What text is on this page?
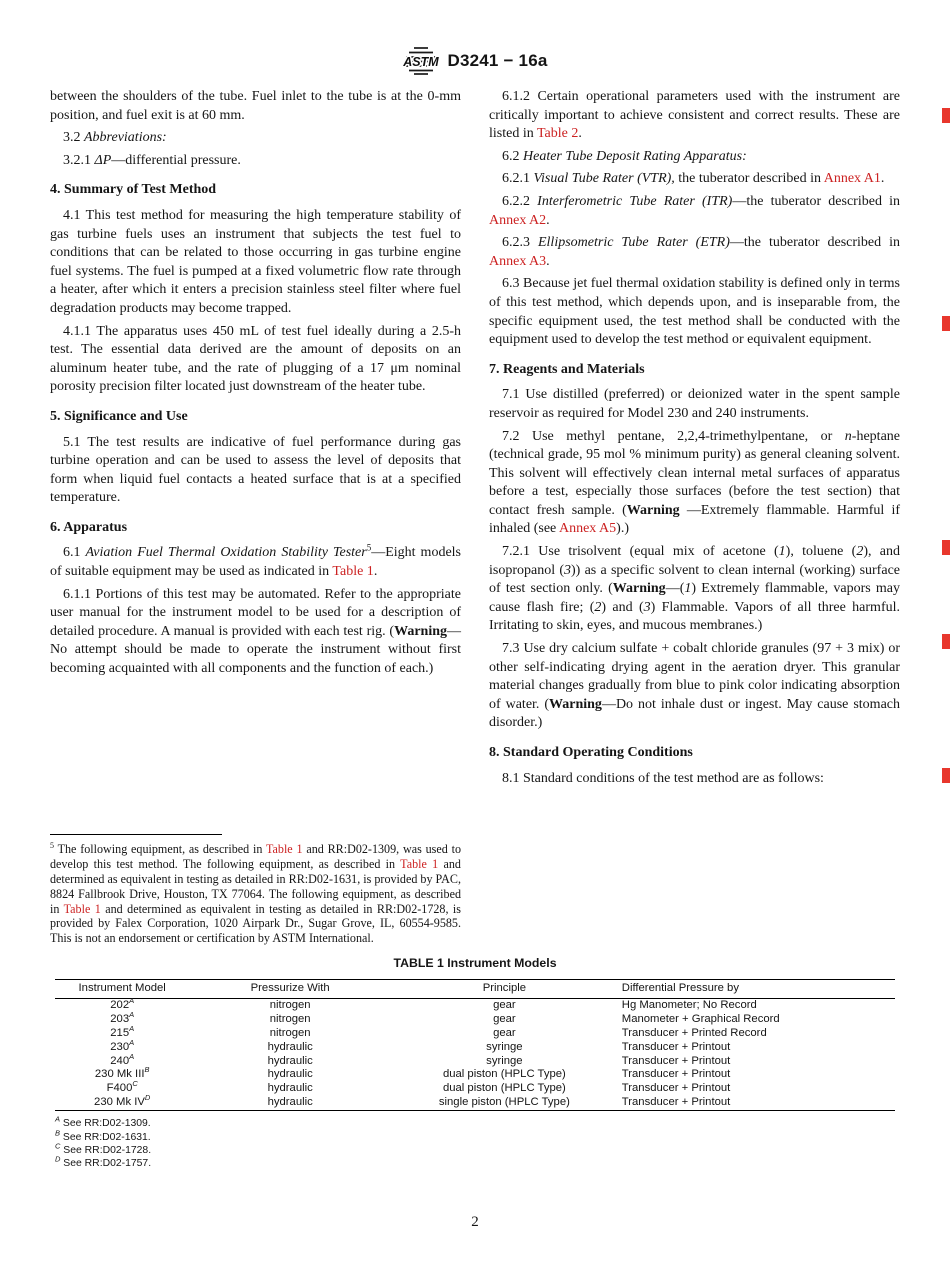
ASTM D3241 − 16a

between the shoulders of the tube. Fuel inlet to the tube is at the 0-mm position, and fuel exit is at 60 mm.

3.2 Abbreviations:

3.2.1 ΔP—differential pressure.

4. Summary of Test Method

4.1 This test method for measuring the high temperature stability of gas turbine fuels uses an instrument that subjects the test fuel to conditions that can be related to those occurring in gas turbine engine fuel systems. The fuel is pumped at a fixed volumetric flow rate through a heater, after which it enters a precision stainless steel filter where fuel degradation products may become trapped.

4.1.1 The apparatus uses 450 mL of test fuel ideally during a 2.5-h test. The essential data derived are the amount of deposits on an aluminum heater tube, and the rate of plugging of a 17 μm nominal porosity precision filter located just downstream of the heater tube.

5. Significance and Use

5.1 The test results are indicative of fuel performance during gas turbine operation and can be used to assess the level of deposits that form when liquid fuel contacts a heated surface that is at a specified temperature.

6. Apparatus

6.1 Aviation Fuel Thermal Oxidation Stability Tester$^5$—Eight models of suitable equipment may be used as indicated in Table 1.

6.1.1 Portions of this test may be automated. Refer to the appropriate user manual for the instrument model to be used for a description of detailed procedure. A manual is provided with each test rig. (Warning—No attempt should be made to operate the instrument without first becoming acquainted with all components and the function of each.)

$^5$ The following equipment, as described in Table 1 and RR:D02-1309, was used to develop this test method. The following equipment, as described in Table 1 and determined as equivalent in testing as detailed in RR:D02-1631, is provided by PAC, 8824 Fallbrook Drive, Houston, TX 77064. The following equipment, as described in Table 1 and determined as equivalent in testing as detailed in RR:D02-1728, is provided by Falex Corporation, 1020 Airpark Dr., Sugar Grove, IL, 60554-9585. This is not an endorsement or certification by ASTM International.

6.1.2 Certain operational parameters used with the instrument are critically important to achieve consistent and correct results. These are listed in Table 2.

6.2 Heater Tube Deposit Rating Apparatus:

6.2.1 Visual Tube Rater (VTR), the tuberator described in Annex A1.

6.2.2 Interferometric Tube Rater (ITR)—the tuberator described in Annex A2.

6.2.3 Ellipsometric Tube Rater (ETR)—the tuberator described in Annex A3.

6.3 Because jet fuel thermal oxidation stability is defined only in terms of this test method, which depends upon, and is inseparable from, the specific equipment used, the test method shall be conducted with the equipment used to develop the test method or equivalent equipment.

7. Reagents and Materials

7.1 Use distilled (preferred) or deionized water in the spent sample reservoir as required for Model 230 and 240 instruments.

7.2 Use methyl pentane, 2,2,4-trimethylpentane, or n-heptane (technical grade, 95 mol % minimum purity) as general cleaning solvent. This solvent will effectively clean internal metal surfaces of apparatus before a test, especially those surfaces (before the test section) that contact fresh sample. (Warning —Extremely flammable. Harmful if inhaled (see Annex A5).)

7.2.1 Use trisolvent (equal mix of acetone (1), toluene (2), and isopropanol (3)) as a specific solvent to clean internal (working) surface of test section only. (Warning—(1) Extremely flammable, vapors may cause flash fire; (2) and (3) Flammable. Vapors of all three harmful. Irritating to skin, eyes, and mucous membranes.)

7.3 Use dry calcium sulfate + cobalt chloride granules (97 + 3 mix) or other self-indicating drying agent in the aeration dryer. This granular material changes gradually from blue to pink color indicating absorption of water. (Warning—Do not inhale dust or ingest. May cause stomach disorder.)

8. Standard Operating Conditions

8.1 Standard conditions of the test method are as follows:

TABLE 1 Instrument Models
Instrument Model	Pressurize With	Principle	Differential Pressure by
$202^A$	nitrogen	gear	Hg Manometer; No Record
$203^A$	nitrogen	gear	Manometer + Graphical Record
$215^A$	nitrogen	gear	Transducer + Printed Record
$230^A$	hydraulic	syringe	Transducer + Printout
$240^A$	hydraulic	syringe	Transducer + Printout
230 Mk $III^B$	hydraulic	dual piston (HPLC Type)	Transducer + Printout
$F400^C$	hydraulic	dual piston (HPLC Type)	Transducer + Printout
230 Mk $IV^D$	hydraulic	single piston (HPLC Type)	Transducer + Printout
$^A$ See RR:D02-1309.
$^B$ See RR:D02-1631.
$^C$ See RR:D02-1728.
$^D$ See RR:D02-1757.
2
